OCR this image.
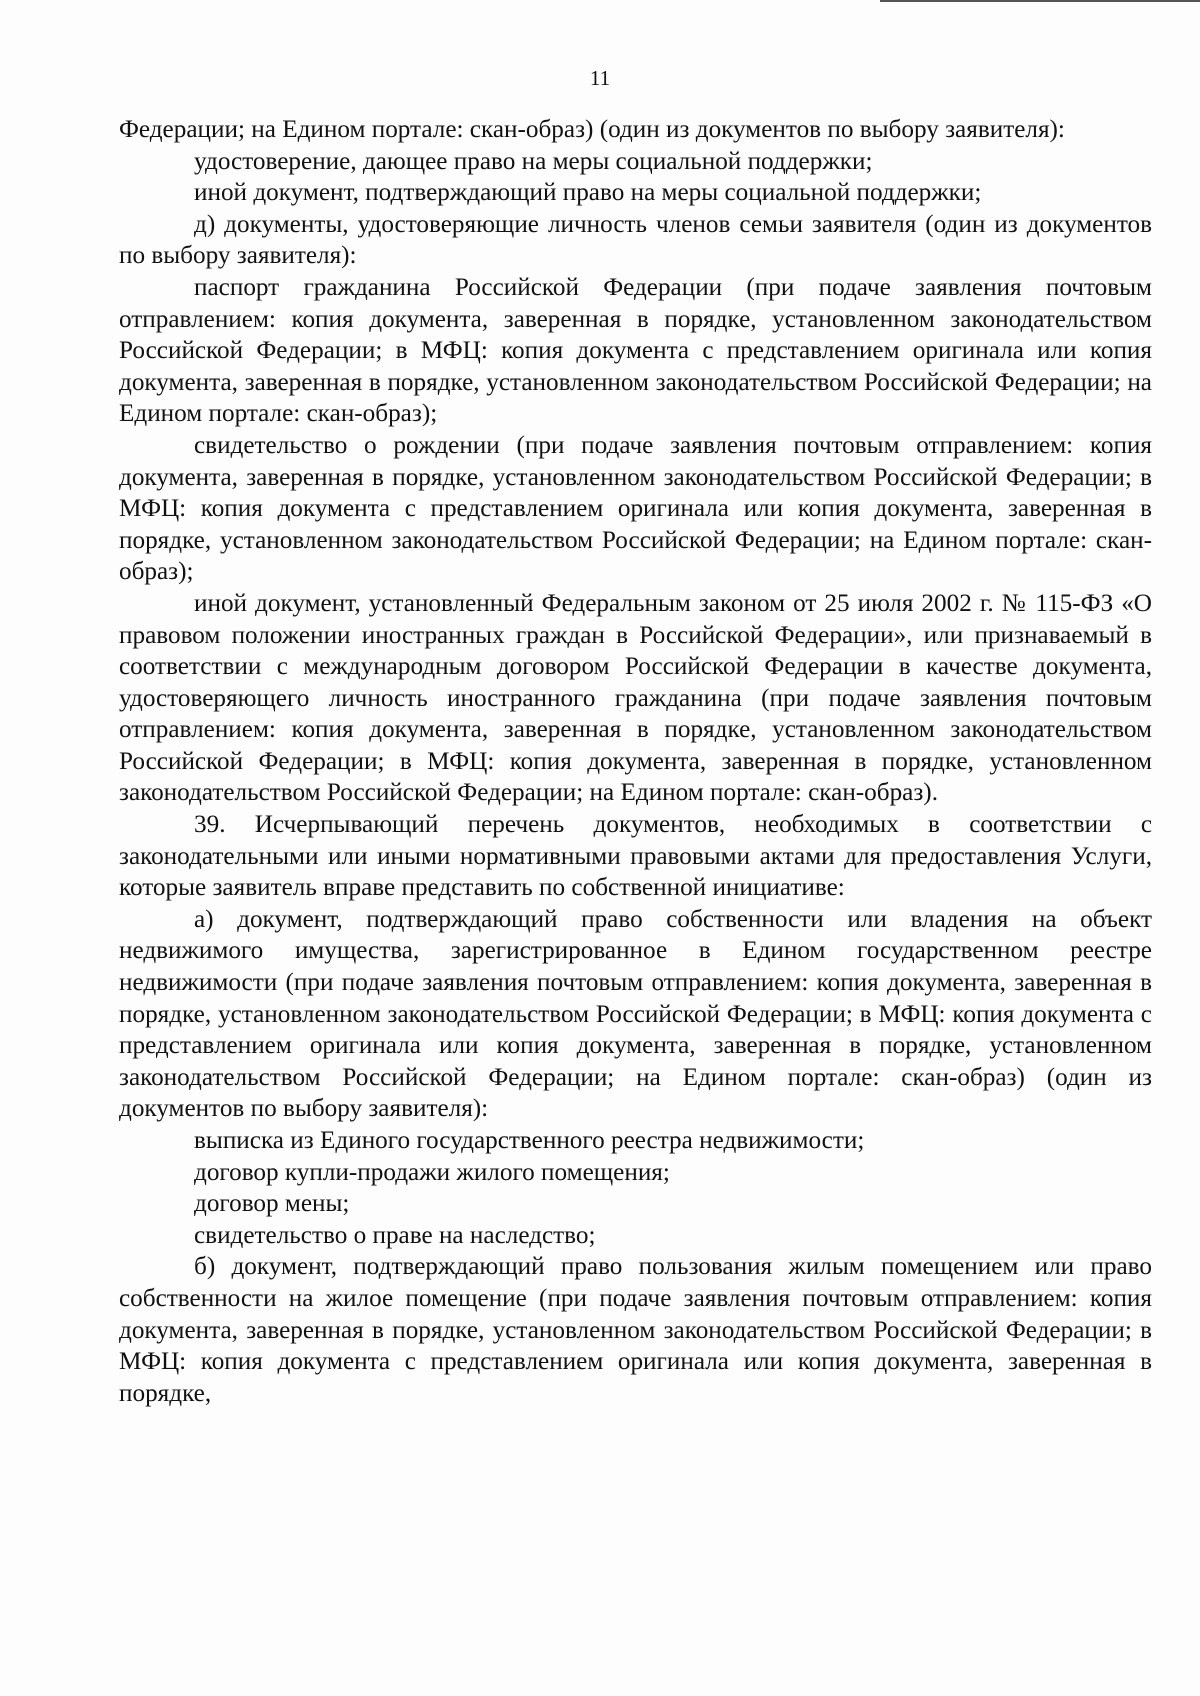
11

Федерации; на Едином портале: скан-образ) (один из документов по выбору заявителя):

удостоверение, дающее право на меры социальной поддержки;

иной документ, подтверждающий право на меры социальной поддержки;

д) документы, удостоверяющие личность членов семьи заявителя (один из документов по выбору заявителя):

паспорт гражданина Российской Федерации (при подаче заявления почтовым отправлением: копия документа, заверенная в порядке, установленном законодательством Российской Федерации; в МФЦ: копия документа с представлением оригинала или копия документа, заверенная в порядке, установленном законодательством Российской Федерации; на Едином портале: скан-образ);

свидетельство о рождении (при подаче заявления почтовым отправлением: копия документа, заверенная в порядке, установленном законодательством Российской Федерации; в МФЦ: копия документа с представлением оригинала или копия документа, заверенная в порядке, установленном законодательством Российской Федерации; на Едином портале: скан-образ);

иной документ, установленный Федеральным законом от 25 июля 2002 г. № 115-ФЗ «О правовом положении иностранных граждан в Российской Федерации», или признаваемый в соответствии с международным договором Российской Федерации в качестве документа, удостоверяющего личность иностранного гражданина (при подаче заявления почтовым отправлением: копия документа, заверенная в порядке, установленном законодательством Российской Федерации; в МФЦ: копия документа, заверенная в порядке, установленном законодательством Российской Федерации; на Едином портале: скан-образ).

39. Исчерпывающий перечень документов, необходимых в соответствии с законодательными или иными нормативными правовыми актами для предоставления Услуги, которые заявитель вправе представить по собственной инициативе:

а) документ, подтверждающий право собственности или владения на объект недвижимого имущества, зарегистрированное в Едином государственном реестре недвижимости (при подаче заявления почтовым отправлением: копия документа, заверенная в порядке, установленном законодательством Российской Федерации; в МФЦ: копия документа с представлением оригинала или копия документа, заверенная в порядке, установленном законодательством Российской Федерации; на Едином портале: скан-образ) (один из документов по выбору заявителя):

выписка из Единого государственного реестра недвижимости;

договор купли-продажи жилого помещения;

договор мены;

свидетельство о праве на наследство;

б) документ, подтверждающий право пользования жилым помещением или право собственности на жилое помещение (при подаче заявления почтовым отправлением: копия документа, заверенная в порядке, установленном законодательством Российской Федерации; в МФЦ: копия документа с представлением оригинала или копия документа, заверенная в порядке,
